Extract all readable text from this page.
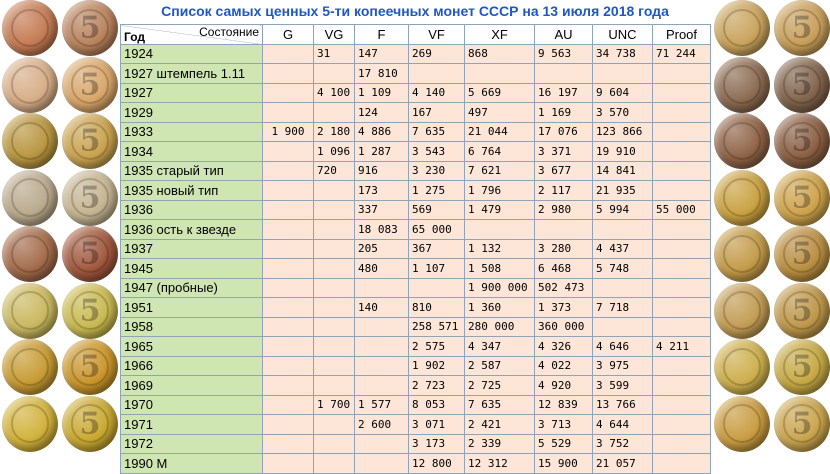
5
5
5
5
5
5
5
5
5
5
5
5
5
5
5
5
Список самых ценных 5-ти копеечных монет СССР на 13 июля 2018 года
Состояние
Год	G	VG	F	VF	XF	AU	UNC	Proof
1924		31	147	269	868	9 563	34 738	71 244
1927 штемпель 1.11			17 810					
1927		4 100	1 109	4 140	5 669	16 197	9 604	
1929			124	167	497	1 169	3 570	
1933	1 900	2 180	4 886	7 635	21 044	17 076	123 866	
1934		1 096	1 287	3 543	6 764	3 371	19 910	
1935 старый тип		720	916	3 230	7 621	3 677	14 841	
1935 новый тип			173	1 275	1 796	2 117	21 935	
1936			337	569	1 479	2 980	5 994	55 000
1936 ость к звезде			18 083	65 000				
1937			205	367	1 132	3 280	4 437	
1945			480	1 107	1 508	6 468	5 748	
1947 (пробные)					1 900 000	502 473		
1951			140	810	1 360	1 373	7 718	
1958				258 571	280 000	360 000		
1965				2 575	4 347	4 326	4 646	4 211
1966				1 902	2 587	4 022	3 975	
1969				2 723	2 725	4 920	3 599	
1970		1 700	1 577	8 053	7 635	12 839	13 766	
1971			2 600	3 071	2 421	3 713	4 644	
1972				3 173	2 339	5 529	3 752	
1990 М				12 800	12 312	15 900	21 057	
